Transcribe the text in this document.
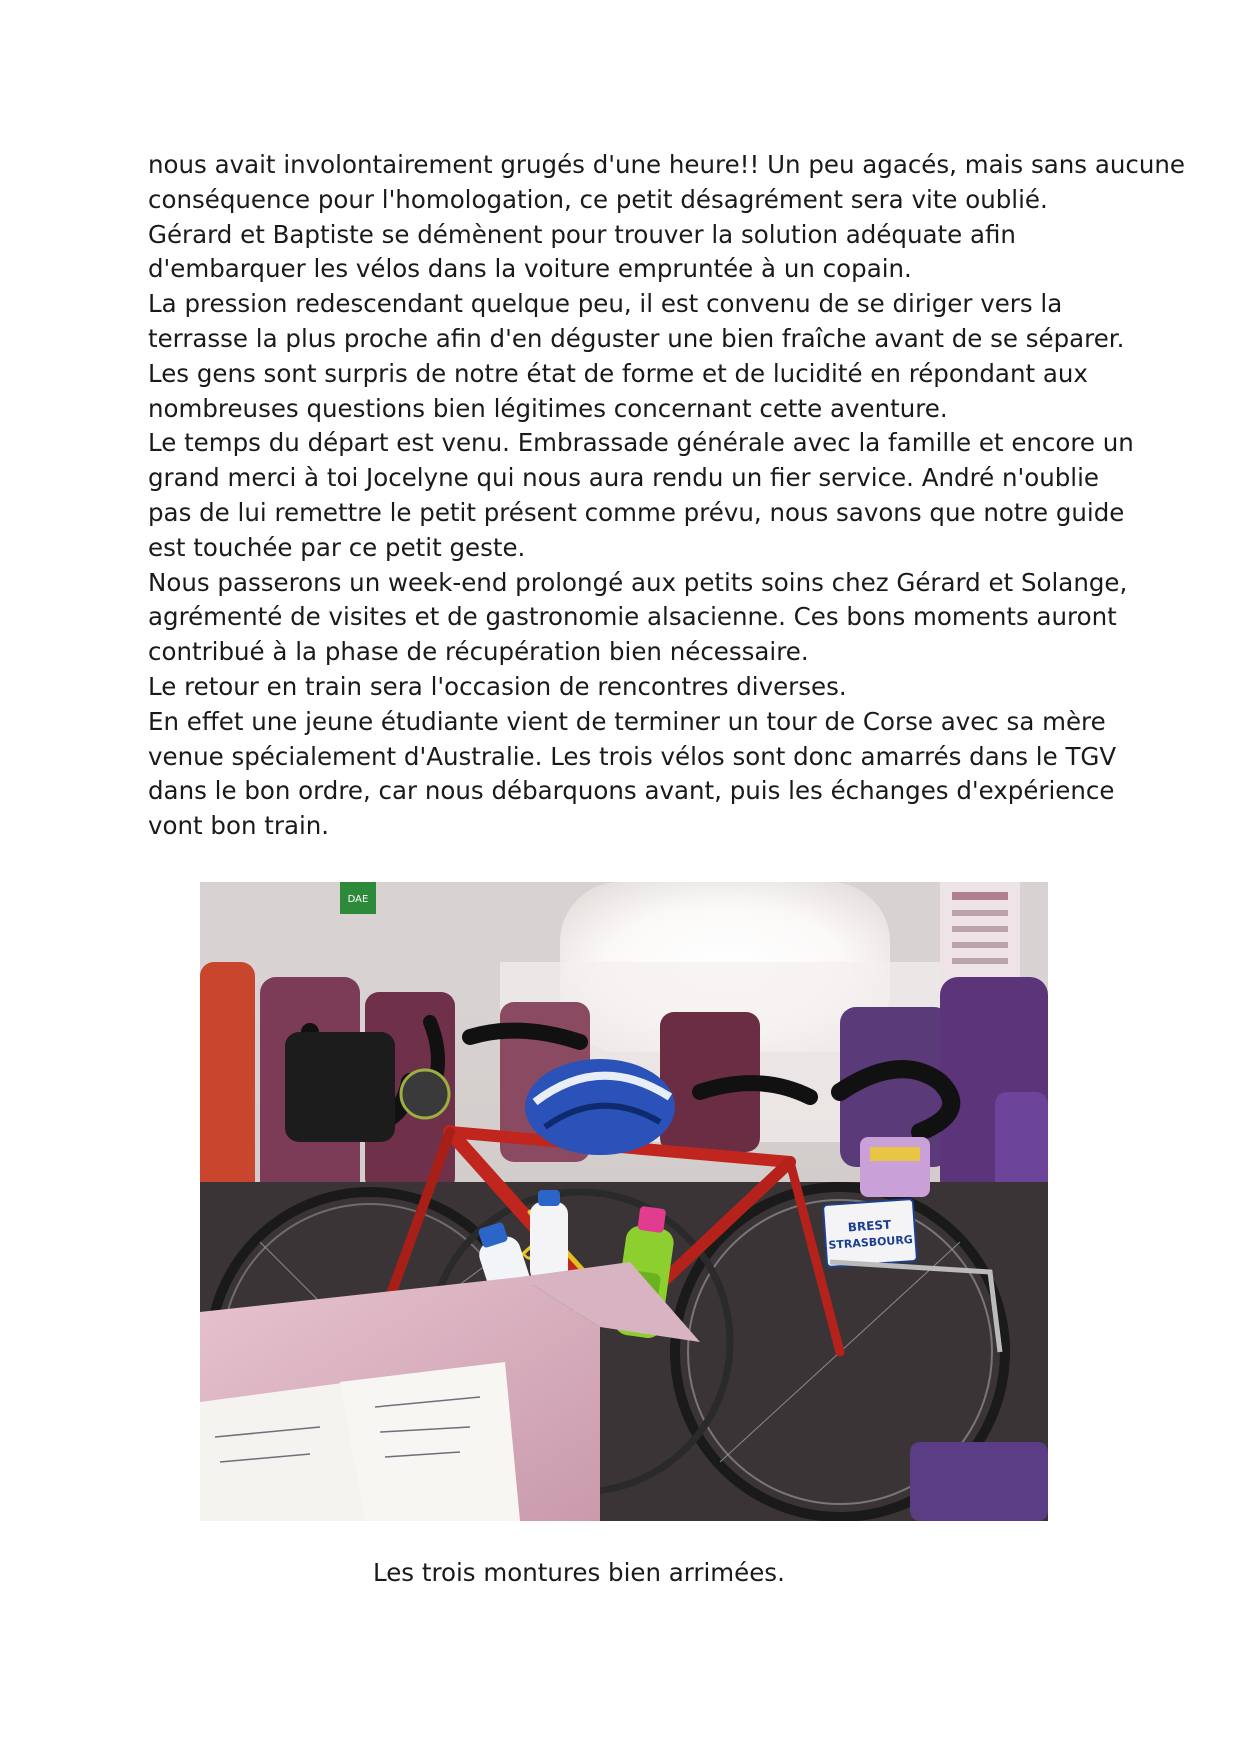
nous avait involontairement grugés d'une heure!! Un peu agacés, mais sans aucune
conséquence pour l'homologation, ce petit désagrément sera vite oublié.
Gérard et Baptiste se démènent pour trouver la solution adéquate afin
d'embarquer les vélos dans la voiture empruntée à un copain.
La pression redescendant quelque peu, il est convenu de se diriger vers la
terrasse la plus proche afin d'en déguster une bien fraîche avant de se séparer.
Les gens sont surpris de notre état de forme et de lucidité en répondant aux
nombreuses questions bien légitimes concernant cette aventure.
Le temps du départ est venu. Embrassade générale avec la famille et encore un
grand merci à toi Jocelyne qui nous aura rendu un fier service. André n'oublie
pas de lui remettre le petit présent comme prévu, nous savons que notre guide
est touchée par ce petit geste.
Nous passerons un week-end prolongé aux petits soins chez Gérard et Solange,
agrémenté de visites et de gastronomie alsacienne. Ces bons moments auront
contribué à la phase de récupération bien nécessaire.
Le retour en train sera l'occasion de rencontres diverses.
En effet une jeune étudiante vient de terminer un tour de Corse avec sa mère
venue spécialement d'Australie. Les trois vélos sont donc amarrés dans le TGV
dans le bon ordre, car nous débarquons avant, puis les échanges d'expérience
vont bon train.
DAE
BREST
STRASBOURG
Les trois montures bien arrimées.
